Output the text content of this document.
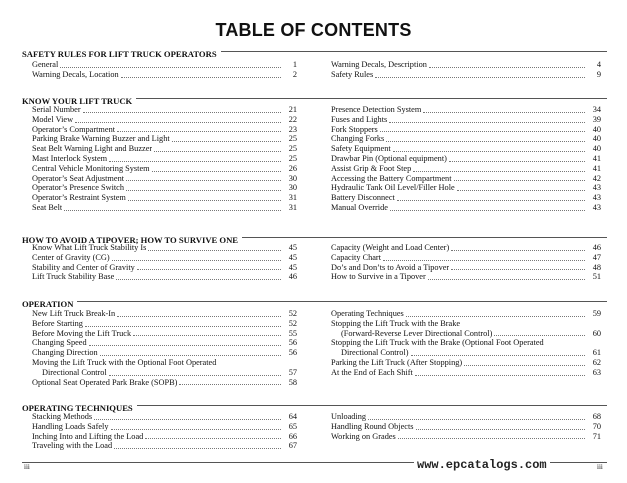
TABLE OF CONTENTS
SAFETY RULES FOR LIFT TRUCK OPERATORS
General	1
Warning Decals, Location	2
Warning Decals, Description	4
Safety Rules	9
KNOW YOUR LIFT TRUCK
Serial Number	21
Model View	22
Operator’s Compartment	23
Parking Brake Warning Buzzer and Light	25
Seat Belt Warning Light and Buzzer	25
Mast Interlock System	25
Central Vehicle Monitoring System	26
Operator’s Seat Adjustment	30
Operator’s Presence Switch	30
Operator’s Restraint System	31
Seat Belt	31
Presence Detection System	34
Fuses and Lights	39
Fork Stoppers	40
Changing Forks	40
Safety Equipment	40
Drawbar Pin (Optional equipment)	41
Assist Grip & Foot Step	41
Accessing the Battery Compartment	42
Hydraulic Tank Oil Level/Filler Hole	43
Battery Disconnect	43
Manual Override	43
HOW TO AVOID A TIPOVER; HOW TO SURVIVE ONE
Know What Lift Truck Stability Is	45
Center of Gravity (CG)	45
Stability and Center of Gravity	45
Lift Truck Stability Base	46
Capacity (Weight and Load Center)	46
Capacity Chart	47
Do’s and Don’ts to Avoid a Tipover	48
How to Survive in a Tipover	51
OPERATION
New Lift Truck Break-In	52
Before Starting	52
Before Moving the Lift Truck	55
Changing Speed	56
Changing Direction	56
Moving the Lift Truck with the Optional Foot Operated
Directional Control	57
Optional Seat Operated Park Brake (SOPB)	58
Operating Techniques	59
Stopping the Lift Truck with the Brake
(Forward-Reverse Lever Directional Control)	60
Stopping the Lift Truck with the Brake (Optional Foot Operated
Directional Control)	61
Parking the Lift Truck (After Stopping)	62
At the End of Each Shift	63
OPERATING TECHNIQUES
Stacking Methods	64
Handling Loads Safely	65
Inching Into and Lifting the Load	66
Traveling with the Load	67
Unloading	68
Handling Round Objects	70
Working on Grades	71
iii	iii
www.epcatalogs.com
